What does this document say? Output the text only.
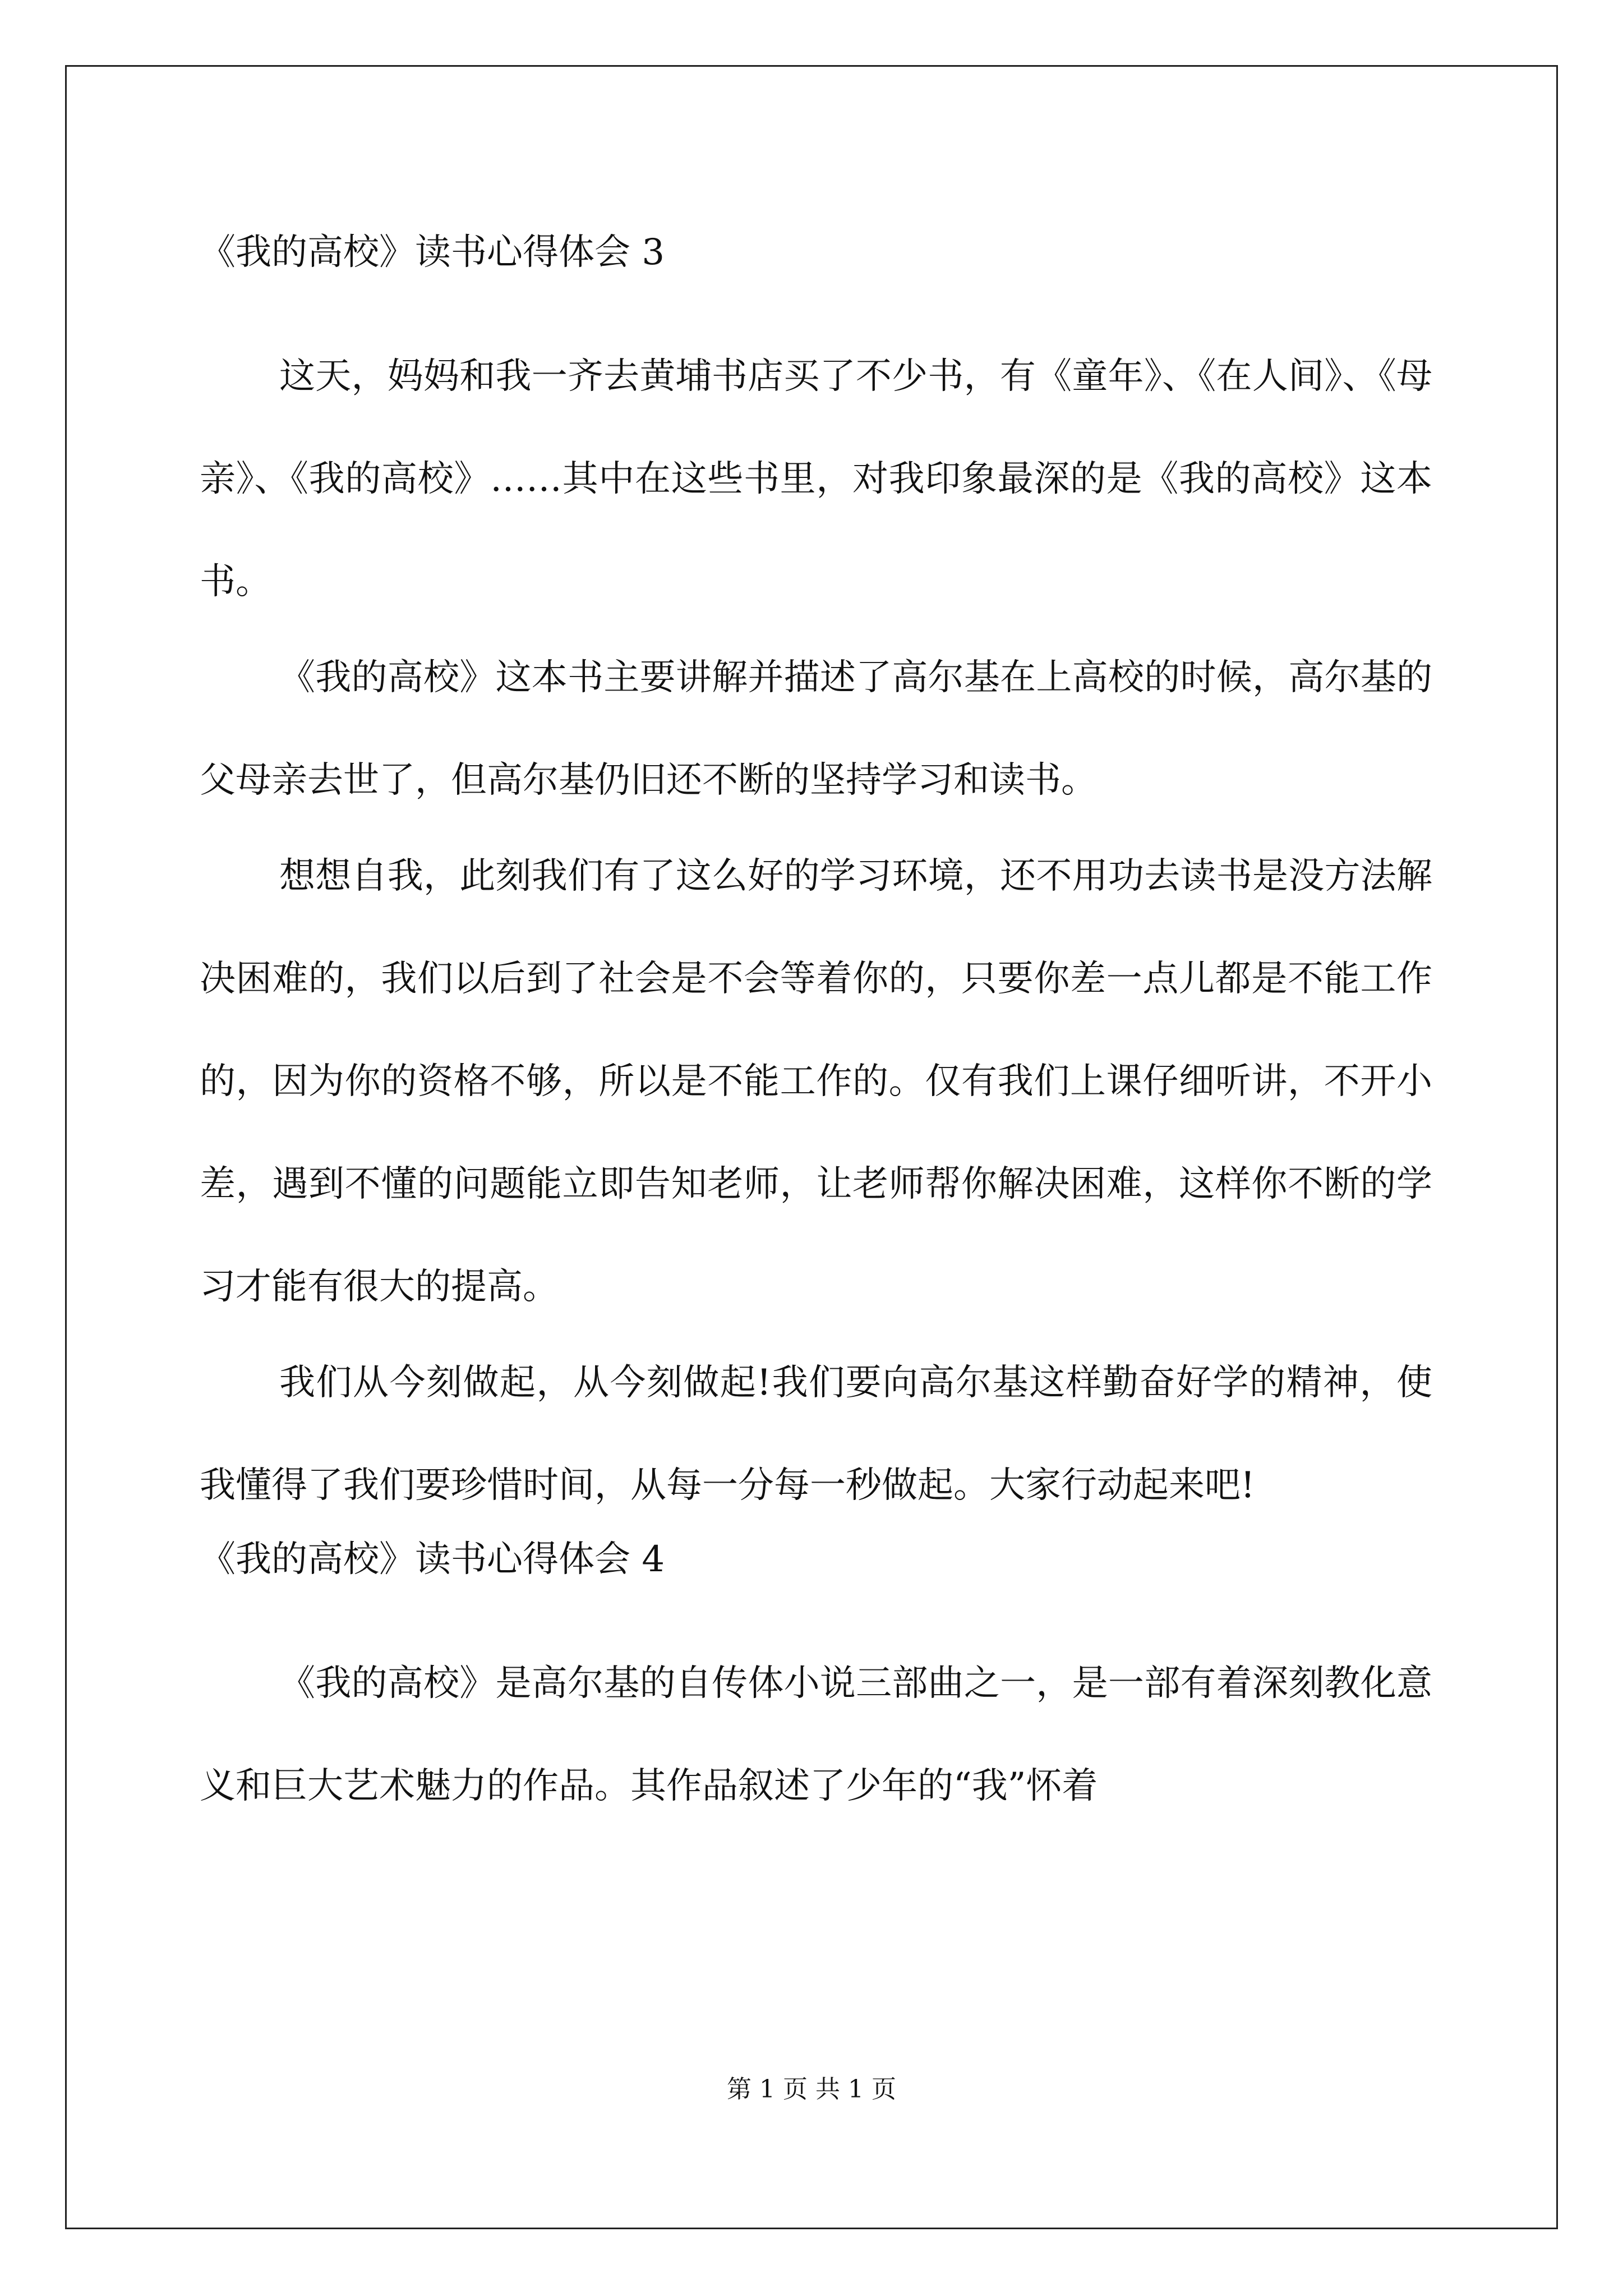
《我的高校》读书心得体会 3

这天，妈妈和我一齐去黄埔书店买了不少书，有《童年》、《在人间》、《母亲》、《我的高校》……其中在这些书里，对我印象最深的是《我的高校》这本书。

《我的高校》这本书主要讲解并描述了高尔基在上高校的时候，高尔基的父母亲去世了，但高尔基仍旧还不断的坚持学习和读书。

想想自我，此刻我们有了这么好的学习环境，还不用功去读书是没方法解决困难的，我们以后到了社会是不会等着你的，只要你差一点儿都是不能工作的，因为你的资格不够，所以是不能工作的。仅有我们上课仔细听讲，不开小差，遇到不懂的问题能立即告知老师，让老师帮你解决困难，这样你不断的学习才能有很大的提高。

我们从今刻做起，从今刻做起!我们要向高尔基这样勤奋好学的精神，使我懂得了我们要珍惜时间，从每一分每一秒做起。大家行动起来吧!

《我的高校》读书心得体会 4

《我的高校》是高尔基的自传体小说三部曲之一，是一部有着深刻教化意义和巨大艺术魅力的作品。其作品叙述了少年的“我”怀着

第 1 页 共 1 页
